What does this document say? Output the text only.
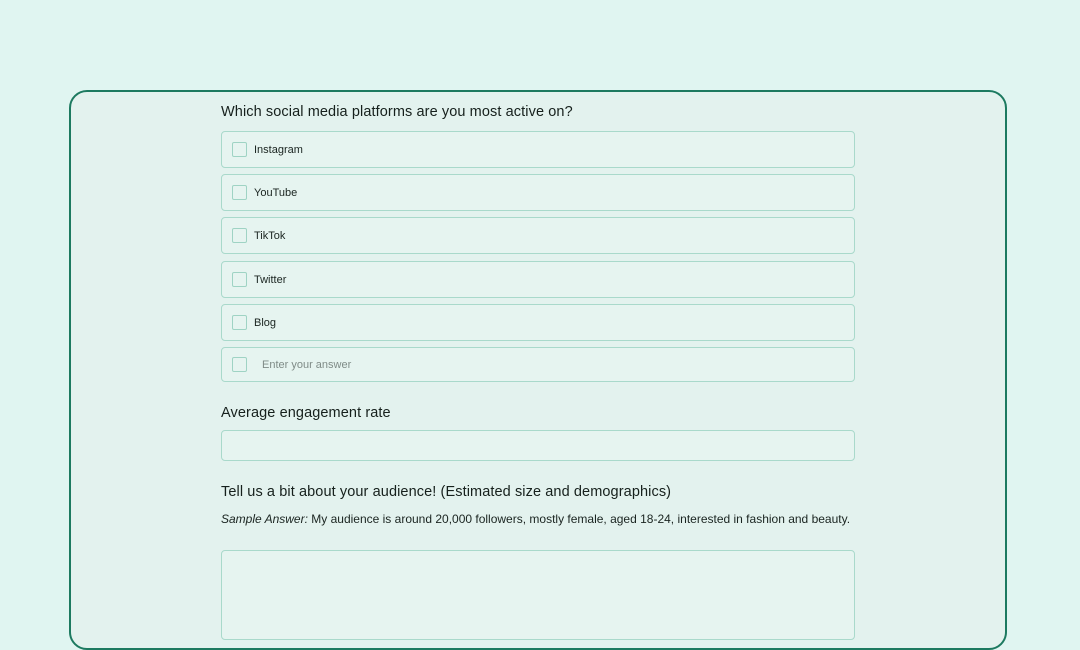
Which social media platforms are you most active on?
Instagram
YouTube
TikTok
Twitter
Blog
Enter your answer
Average engagement rate
Tell us a bit about your audience! (Estimated size and demographics)
Sample Answer: My audience is around 20,000 followers, mostly female, aged 18-24, interested in fashion and beauty.
